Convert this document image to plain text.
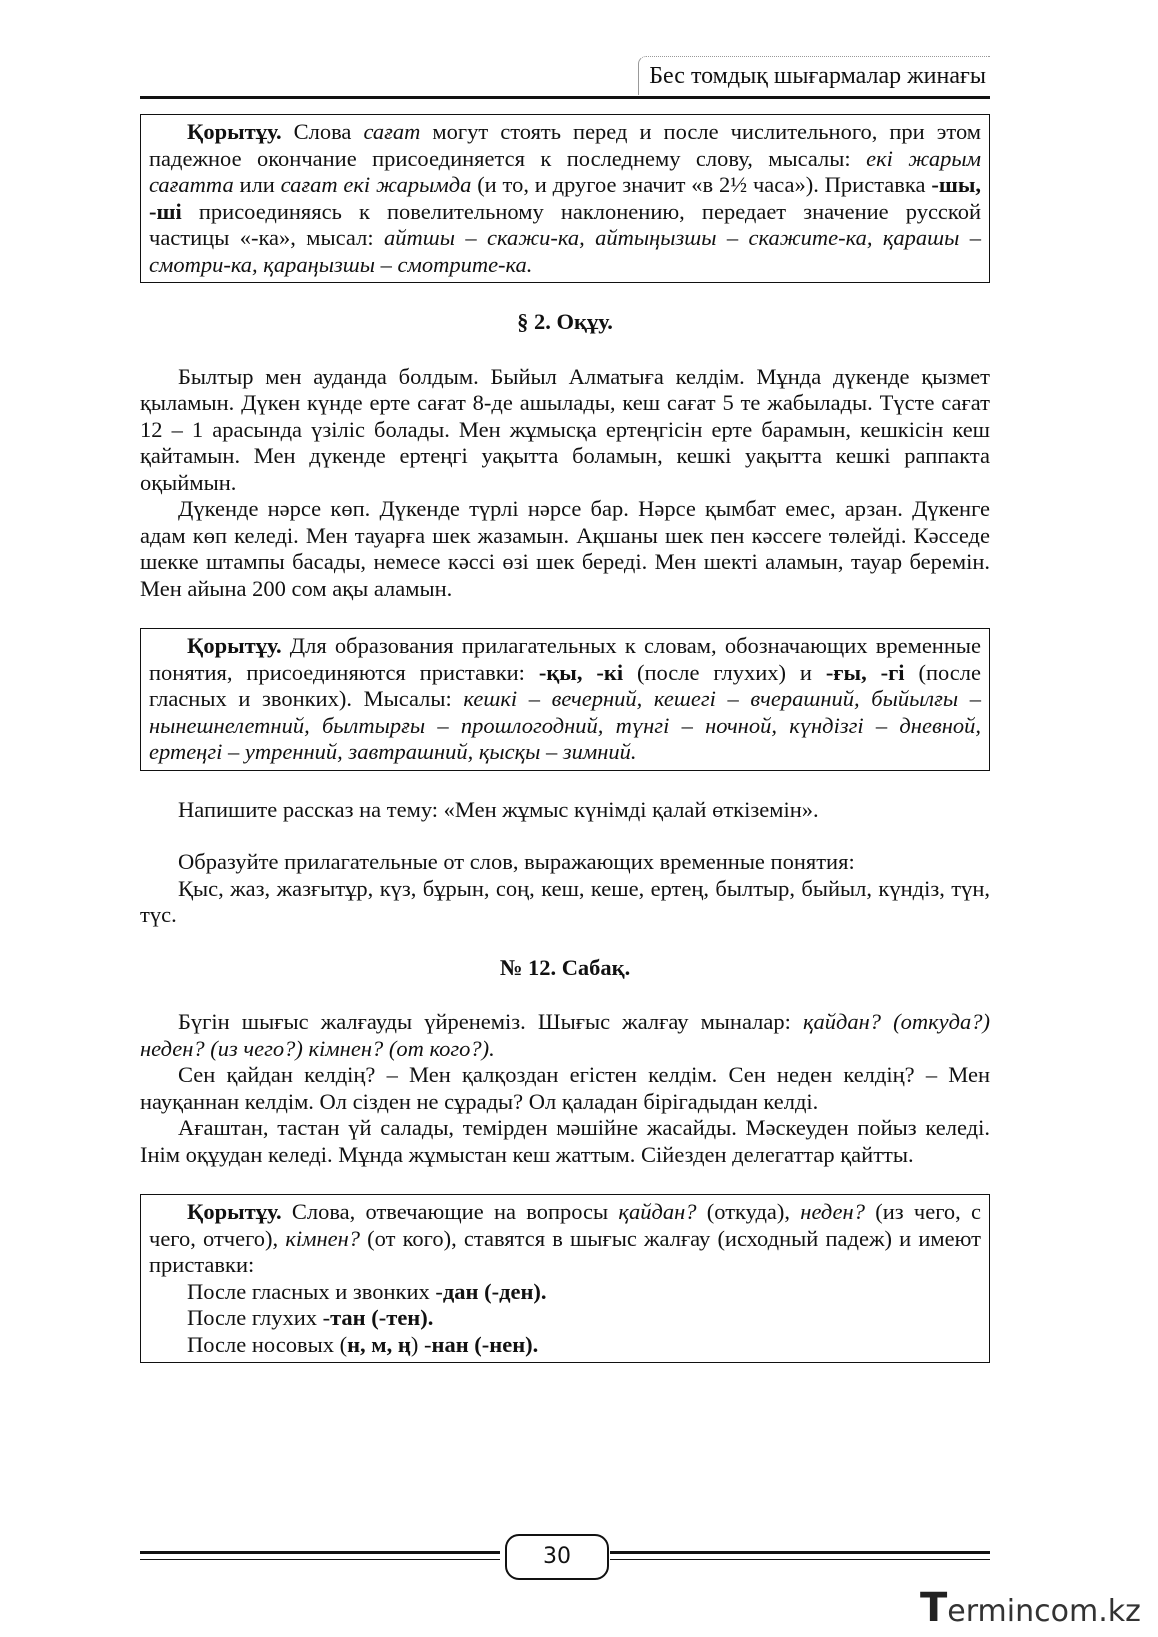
Бес томдық шығармалар жинағы

Қорытұу. Слова сағат могут стоять перед и после числительного, при этом падежное окончание присоединяется к последнему слову, мысалы: екі жарым сағатта или сағат екі жарымда (и то, и другое значит «в 2½ часа»). Приставка -шы, -ші присоединяясь к повелительному наклонению, передает значение русской частицы «-ка», мысал: айтшы – скажи-ка, айтыңызшы – скажите-ка, қарашы – смотри-ка, қараңызшы – смотрите-ка.

§ 2. Оқұу.

Былтыр мен ауданда болдым. Быйыл Алматыға келдім. Мұнда дүкенде қызмет қыламын. Дүкен күнде ерте сағат 8-де ашылады, кеш сағат 5 те жабылады. Түсте сағат 12 – 1 арасында үзіліс болады. Мен жұмысқа ертеңгісін ерте барамын, кешкісін кеш қайтамын. Мен дүкенде ертеңгі уақытта боламын, кешкі уақытта кешкі раппакта оқыймын.

Дүкенде нәрсе көп. Дүкенде түрлі нәрсе бар. Нәрсе қымбат емес, арзан. Дүкенге адам көп келеді. Мен тауарға шек жазамын. Ақшаны шек пен кәссеге төлейді. Кәсседе шекке штампы басады, немесе кәссі өзі шек береді. Мен шекті аламын, тауар беремін. Мен айына 200 сом ақы аламын.

Қорытұу. Для образования прилагательных к словам, обозначающих временные понятия, присоединяются приставки: -қы, -кі (после глухих) и -ғы, -гі (после гласных и звонких). Мысалы: кешкі – вечерний, кешегі – вчерашний, быйылғы – нынешнелетний, былтырғы – прошлогодний, түнгі – ночной, күндізгі – дневной, ертеңгі – утренний, завтрашний, қысқы – зимний.

Напишите рассказ на тему: «Мен жұмыс күнімді қалай өткіземін».

Образуйте прилагательные от слов, выражающих временные понятия:

Қыс, жаз, жазғытұр, күз, бұрын, соң, кеш, кеше, ертең, былтыр, быйыл, күндіз, түн, түс.

№ 12. Сабақ.

Бүгін шығыс жалғауды үйренеміз. Шығыс жалғау мыналар: қайдан? (откуда?) неден? (из чего?) кімнен? (от кого?).

Сен қайдан келдің? – Мен қалқоздан егістен келдім. Сен неден келдің? – Мен науқаннан келдім. Ол сізден не сұрады? Ол қаладан бірігадыдан келді.

Ағаштан, тастан үй салады, темірден мәшійне жасайды. Мәскеуден пойыз келеді. Інім оқұудан келеді. Мұнда жұмыстан кеш жаттым. Сійезден делегаттар қайтты.

Қорытұу. Слова, отвечающие на вопросы қайдан? (откуда), неден? (из чего, с чего, отчего), кімнен? (от кого), ставятся в шығыс жалғау (исходный падеж) и имеют приставки:

После гласных и звонких -дан (-ден).

После глухих -тан (-тен).

После носовых (н, м, ң) -нан (-нен).

30
Termincom.kz
